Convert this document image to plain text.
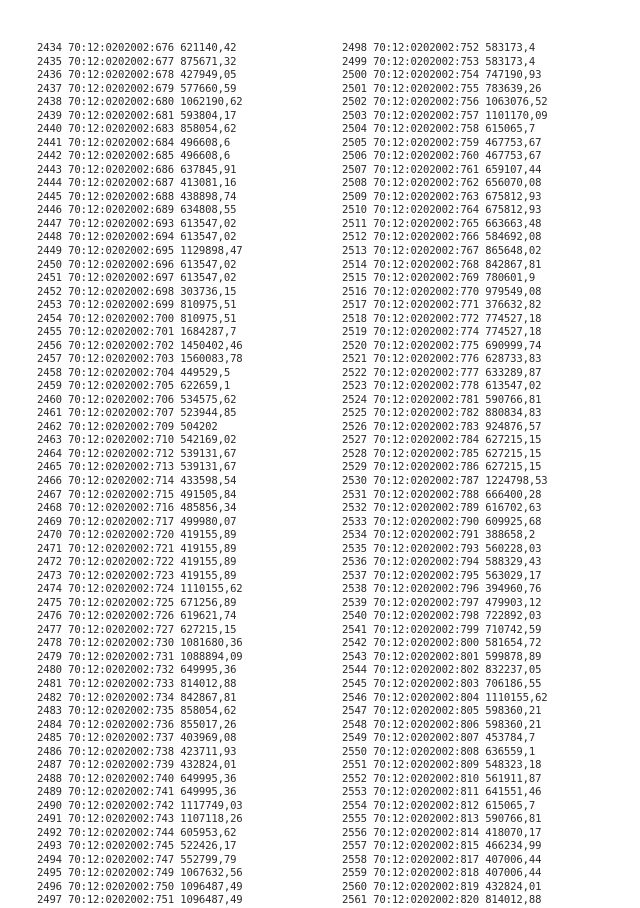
2434 70:12:0202002:676 621140,42
2435 70:12:0202002:677 875671,32
2436 70:12:0202002:678 427949,05
2437 70:12:0202002:679 577660,59
2438 70:12:0202002:680 1062190,62
2439 70:12:0202002:681 593804,17
2440 70:12:0202002:683 858054,62
2441 70:12:0202002:684 496608,6
2442 70:12:0202002:685 496608,6
2443 70:12:0202002:686 637845,91
2444 70:12:0202002:687 413081,16
2445 70:12:0202002:688 438898,74
2446 70:12:0202002:689 634808,55
2447 70:12:0202002:693 613547,02
2448 70:12:0202002:694 613547,02
2449 70:12:0202002:695 1129898,47
2450 70:12:0202002:696 613547,02
2451 70:12:0202002:697 613547,02
2452 70:12:0202002:698 303736,15
2453 70:12:0202002:699 810975,51
2454 70:12:0202002:700 810975,51
2455 70:12:0202002:701 1684287,7
2456 70:12:0202002:702 1450402,46
2457 70:12:0202002:703 1560083,78
2458 70:12:0202002:704 449529,5
2459 70:12:0202002:705 622659,1
2460 70:12:0202002:706 534575,62
2461 70:12:0202002:707 523944,85
2462 70:12:0202002:709 504202
2463 70:12:0202002:710 542169,02
2464 70:12:0202002:712 539131,67
2465 70:12:0202002:713 539131,67
2466 70:12:0202002:714 433598,54
2467 70:12:0202002:715 491505,84
2468 70:12:0202002:716 485856,34
2469 70:12:0202002:717 499980,07
2470 70:12:0202002:720 419155,89
2471 70:12:0202002:721 419155,89
2472 70:12:0202002:722 419155,89
2473 70:12:0202002:723 419155,89
2474 70:12:0202002:724 1110155,62
2475 70:12:0202002:725 671256,89
2476 70:12:0202002:726 619621,74
2477 70:12:0202002:727 627215,15
2478 70:12:0202002:730 1081680,36
2479 70:12:0202002:731 1088894,09
2480 70:12:0202002:732 649995,36
2481 70:12:0202002:733 814012,88
2482 70:12:0202002:734 842867,81
2483 70:12:0202002:735 858054,62
2484 70:12:0202002:736 855017,26
2485 70:12:0202002:737 403969,08
2486 70:12:0202002:738 423711,93
2487 70:12:0202002:739 432824,01
2488 70:12:0202002:740 649995,36
2489 70:12:0202002:741 649995,36
2490 70:12:0202002:742 1117749,03
2491 70:12:0202002:743 1107118,26
2492 70:12:0202002:744 605953,62
2493 70:12:0202002:745 522426,17
2494 70:12:0202002:747 552799,79
2495 70:12:0202002:749 1067632,56
2496 70:12:0202002:750 1096487,49
2497 70:12:0202002:751 1096487,49
2498 70:12:0202002:752 583173,4
2499 70:12:0202002:753 583173,4
2500 70:12:0202002:754 747190,93
2501 70:12:0202002:755 783639,26
2502 70:12:0202002:756 1063076,52
2503 70:12:0202002:757 1101170,09
2504 70:12:0202002:758 615065,7
2505 70:12:0202002:759 467753,67
2506 70:12:0202002:760 467753,67
2507 70:12:0202002:761 659107,44
2508 70:12:0202002:762 656070,08
2509 70:12:0202002:763 675812,93
2510 70:12:0202002:764 675812,93
2511 70:12:0202002:765 663663,48
2512 70:12:0202002:766 584692,08
2513 70:12:0202002:767 865648,02
2514 70:12:0202002:768 842867,81
2515 70:12:0202002:769 780601,9
2516 70:12:0202002:770 979549,08
2517 70:12:0202002:771 376632,82
2518 70:12:0202002:772 774527,18
2519 70:12:0202002:774 774527,18
2520 70:12:0202002:775 690999,74
2521 70:12:0202002:776 628733,83
2522 70:12:0202002:777 633289,87
2523 70:12:0202002:778 613547,02
2524 70:12:0202002:781 590766,81
2525 70:12:0202002:782 880834,83
2526 70:12:0202002:783 924876,57
2527 70:12:0202002:784 627215,15
2528 70:12:0202002:785 627215,15
2529 70:12:0202002:786 627215,15
2530 70:12:0202002:787 1224798,53
2531 70:12:0202002:788 666400,28
2532 70:12:0202002:789 616702,63
2533 70:12:0202002:790 609925,68
2534 70:12:0202002:791 388658,2
2535 70:12:0202002:793 560228,03
2536 70:12:0202002:794 588329,43
2537 70:12:0202002:795 563029,17
2538 70:12:0202002:796 394960,76
2539 70:12:0202002:797 479903,12
2540 70:12:0202002:798 722892,03
2541 70:12:0202002:799 710742,59
2542 70:12:0202002:800 581654,72
2543 70:12:0202002:801 599878,89
2544 70:12:0202002:802 832237,05
2545 70:12:0202002:803 706186,55
2546 70:12:0202002:804 1110155,62
2547 70:12:0202002:805 598360,21
2548 70:12:0202002:806 598360,21
2549 70:12:0202002:807 453784,7
2550 70:12:0202002:808 636559,1
2551 70:12:0202002:809 548323,18
2552 70:12:0202002:810 561911,87
2553 70:12:0202002:811 641551,46
2554 70:12:0202002:812 615065,7
2555 70:12:0202002:813 590766,81
2556 70:12:0202002:814 418070,17
2557 70:12:0202002:815 466234,99
2558 70:12:0202002:817 407006,44
2559 70:12:0202002:818 407006,44
2560 70:12:0202002:819 432824,01
2561 70:12:0202002:820 814012,88
